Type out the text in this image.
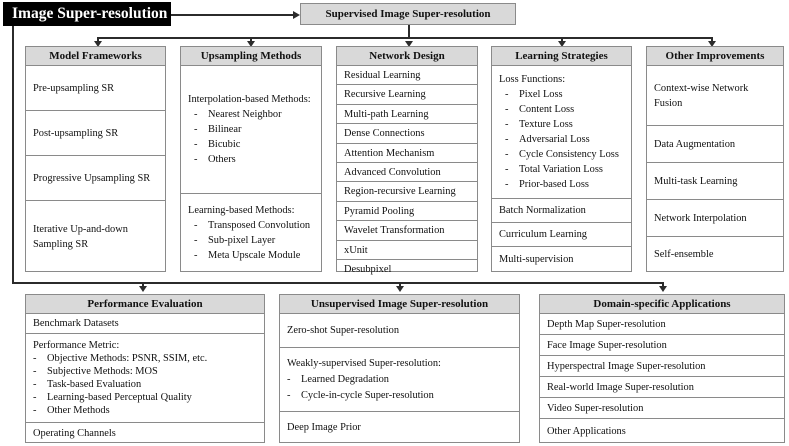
Image Super-resolution	Supervised Image Super-resolution
Model Frameworks
Pre-upsampling SR
Post-upsampling SR
Progressive Upsampling SR
Iterative Up-and-down Sampling SR
Upsampling Methods
Interpolation-based Methods:
- Nearest Neighbor
- Bilinear
- Bicubic
- Others
Learning-based Methods:
- Transposed Convolution
- Sub-pixel Layer
- Meta Upscale Module
Network Design
Residual Learning
Recursive Learning
Multi-path Learning
Dense Connections
Attention Mechanism
Advanced Convolution
Region-recursive Learning
Pyramid Pooling
Wavelet Transformation
xUnit
Desubpixel
Learning Strategies
Loss Functions:
- Pixel Loss
- Content Loss
- Texture Loss
- Adversarial Loss
- Cycle Consistency Loss
- Total Variation Loss
- Prior-based Loss
Batch Normalization
Curriculum Learning
Multi-supervision
Other Improvements
Context-wise Network Fusion
Data Augmentation
Multi-task Learning
Network Interpolation
Self-ensemble
Performance Evaluation
Benchmark Datasets
Performance Metric:
- Objective Methods: PSNR, SSIM, etc.
- Subjective Methods: MOS
- Task-based Evaluation
- Learning-based Perceptual Quality
- Other Methods
Operating Channels
Unsupervised Image Super-resolution
Zero-shot Super-resolution
Weakly-supervised Super-resolution:
- Learned Degradation
- Cycle-in-cycle Super-resolution
Deep Image Prior
Domain-specific Applications
Depth Map Super-resolution
Face Image Super-resolution
Hyperspectral Image Super-resolution
Real-world Image Super-resolution
Video Super-resolution
Other Applications
